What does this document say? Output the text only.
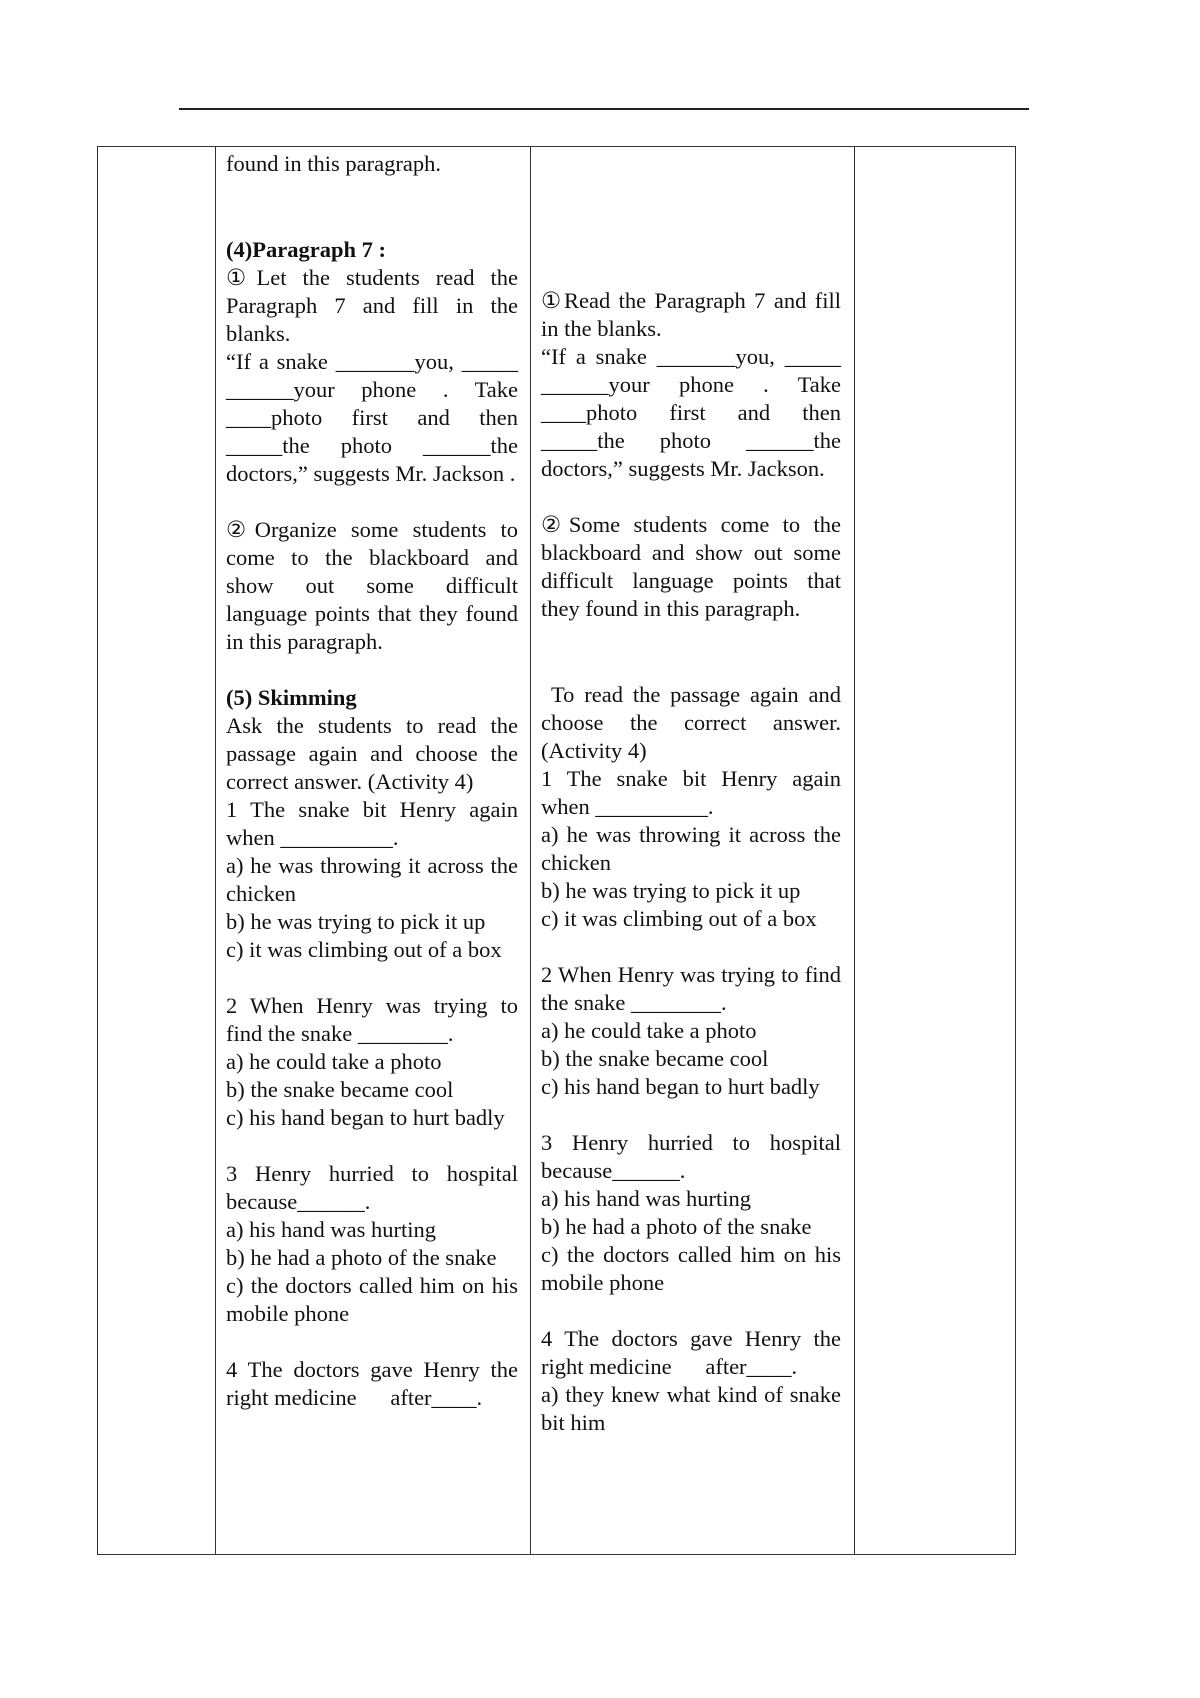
found in this paragraph.

(4)Paragraph 7 :

①Let the students read the Paragraph 7 and fill in the blanks.

“If a snake _______you, _____ ______your phone . Take ____photo first and then _____the photo ______the doctors,” suggests Mr. Jackson .

②Organize some students to come to the blackboard and show out some difficult language points that they found in this paragraph.

(5) Skimming

Ask the students to read the passage again and choose the correct answer. (Activity 4)

1 The snake bit Henry again when __________.

a) he was throwing it across the chicken

b) he was trying to pick it up

c) it was climbing out of a box

2 When Henry was trying to find the snake ________.

a) he could take a photo

b) the snake became cool

c) his hand began to hurt badly

3 Henry hurried to hospital because______.

a) his hand was hurting

b) he had a photo of the snake

c) the doctors called him on his mobile phone

4 The doctors gave Henry the right medicine      after____.

①Read the Paragraph 7 and fill in the blanks.

“If a snake _______you, _____ ______your phone . Take ____photo first and then _____the photo ______the doctors,” suggests Mr. Jackson.

②Some students come to the blackboard and show out some difficult language points that they found in this paragraph.

To read the passage again and choose the correct answer. (Activity 4)

1 The snake bit Henry again when __________.

a) he was throwing it across the chicken

b) he was trying to pick it up

c) it was climbing out of a box

2 When Henry was trying to find the snake ________.

a) he could take a photo

b) the snake became cool

c) his hand began to hurt badly

3 Henry hurried to hospital because______.

a) his hand was hurting

b) he had a photo of the snake

c) the doctors called him on his mobile phone

4 The doctors gave Henry the right medicine      after____.

a) they knew what kind of snake bit him
